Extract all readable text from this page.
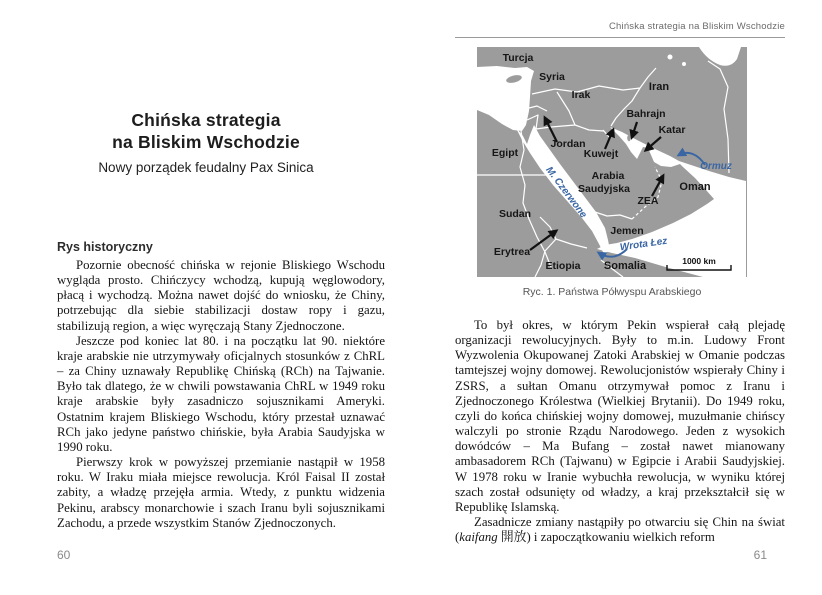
Chińska strategia
na Bliskim Wschodzie
Nowy porządek feudalny Pax Sinica
Rys historyczny

Pozornie obecność chińska w rejonie Bliskiego Wschodu wygląda prosto. Chińczycy wchodzą, kupują węglowodory, płacą i wychodzą. Można nawet dojść do wniosku, że Chiny, potrzebując dla siebie stabilizacji dostaw ropy i gazu, stabilizują region, a więc wyręczają Stany Zjednoczone.

Jeszcze pod koniec lat 80. i na początku lat 90. niektóre kraje arabskie nie utrzymywały oficjalnych stosunków z ChRL – za Chiny uznawały Republikę Chińską (RCh) na Tajwanie. Było tak dlatego, że w chwili powstawania ChRL w 1949 roku kraje arabskie były zasadniczo sojusznikami Ameryki. Ostatnim krajem Bliskiego Wschodu, który przestał uznawać RCh jako jedyne państwo chińskie, była Arabia Saudyjska w 1990 roku.

Pierwszy krok w powyższej przemianie nastąpił w 1958 roku. W Iraku miała miejsce rewolucja. Król Faisal II został zabity, a władzę przejęła armia. Wtedy, z punktu widzenia Pekinu, arabscy monarchowie i szach Iranu byli sojusznikami Zachodu, a przede wszystkim Stanów Zjednoczonych.

60
Chińska strategia na Bliskim Wschodzie
Turcja
Syria
Irak
Iran
Egipt
Jordan
Kuwejt
Bahrajn
Katar
Arabia
Saudyjska
ZEA
Oman
Sudan
Jemen
Erytrea
Etiopia Somalia
M. Czerwone	Ormuz
Wrota Łez
1000 km
Ryc. 1. Państwa Półwyspu Arabskiego

To był okres, w którym Pekin wspierał całą plejadę organizacji rewolucyjnych. Były to m.in. Ludowy Front Wyzwolenia Okupowanej Zatoki Arabskiej w Omanie podczas tamtejszej wojny domowej. Rewolucjonistów wspierały Chiny i ZSRS, a sułtan Omanu otrzymywał pomoc z Iranu i Zjednoczonego Królestwa (Wielkiej Brytanii). Do 1949 roku, czyli do końca chińskiej wojny domowej, muzułmanie chińscy walczyli po stronie Rządu Narodowego. Jeden z wysokich dowódców – Ma Bufang – został nawet mianowany ambasadorem RCh (Tajwanu) w Egipcie i Arabii Saudyjskiej. W 1978 roku w Iranie wybuchła rewolucja, w wyniku której szach został odsunięty od władzy, a kraj przekształcił się w Republikę Islamską.

Zasadnicze zmiany nastąpiły po otwarciu się Chin na świat (kaifang 開放) i zapoczątkowaniu wielkich reform

61
